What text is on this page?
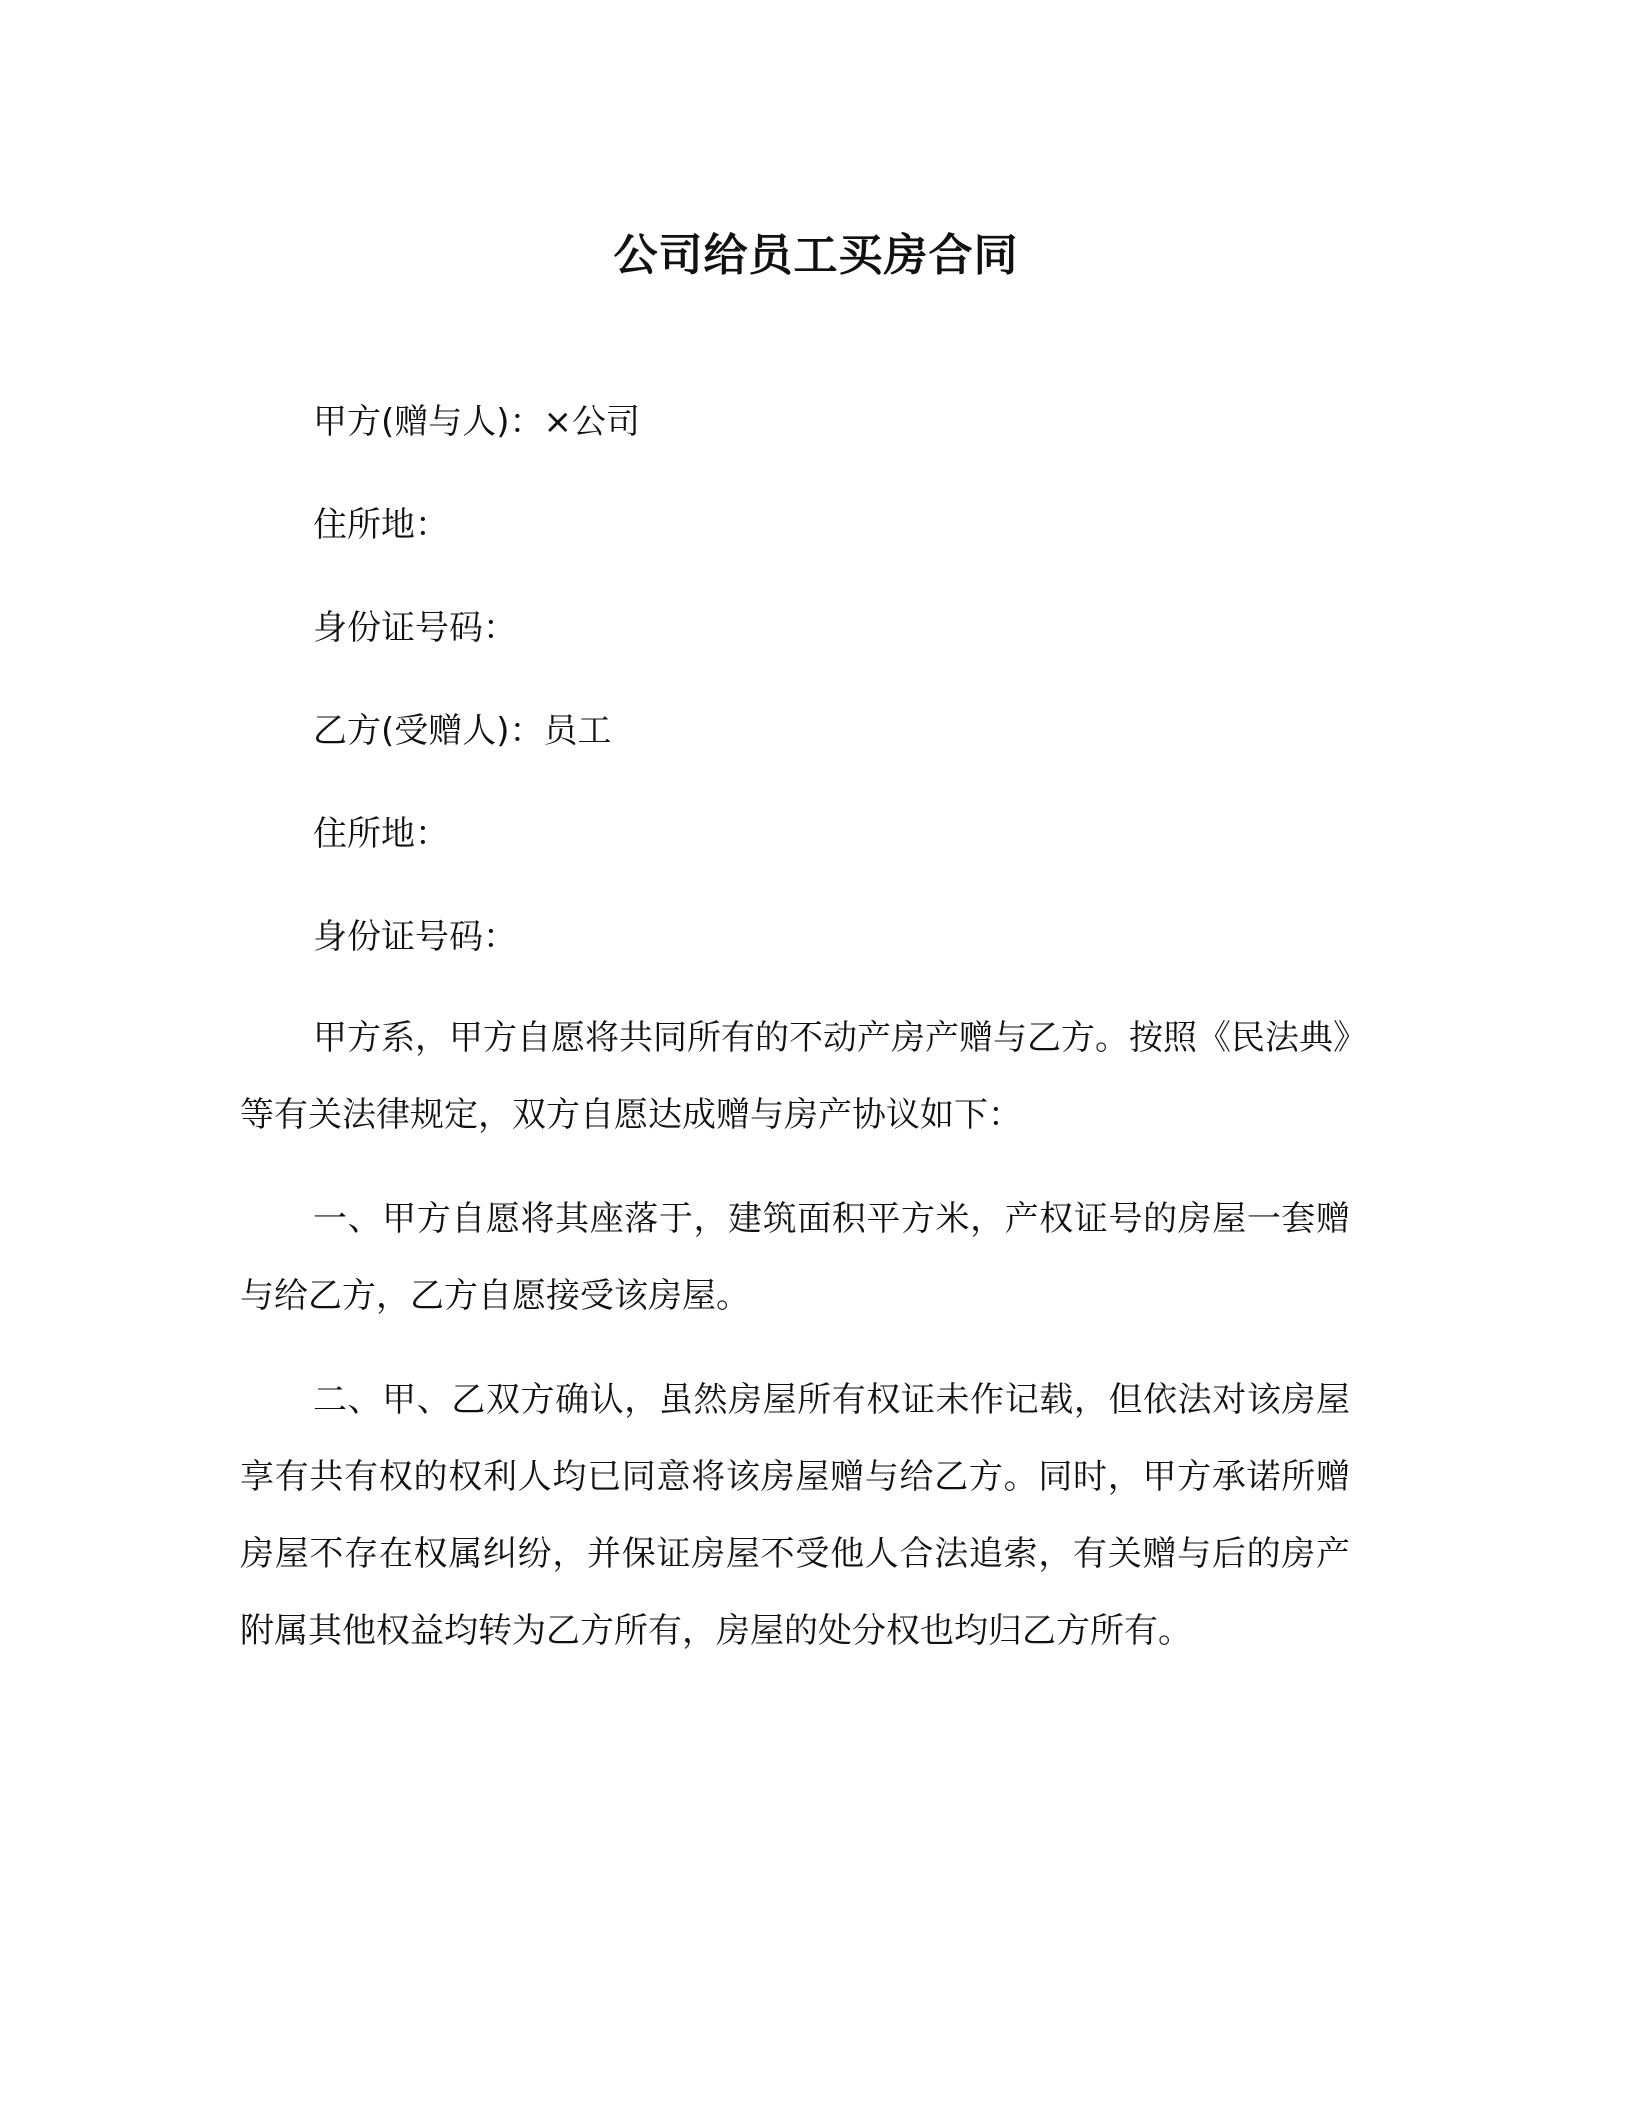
公司给员工买房合同
甲方(赠与人)：×公司
住所地：
身份证号码：
乙方(受赠人)：员工
住所地：
身份证号码：

甲方系，甲方自愿将共同所有的不动产房产赠与乙方。按照《民法典》等有关法律规定，双方自愿达成赠与房产协议如下：

一、甲方自愿将其座落于，建筑面积平方米，产权证号的房屋一套赠与给乙方，乙方自愿接受该房屋。

二、甲、乙双方确认，虽然房屋所有权证未作记载，但依法对该房屋享有共有权的权利人均已同意将该房屋赠与给乙方。同时，甲方承诺所赠房屋不存在权属纠纷，并保证房屋不受他人合法追索，有关赠与后的房产附属其他权益均转为乙方所有，房屋的处分权也均归乙方所有。
